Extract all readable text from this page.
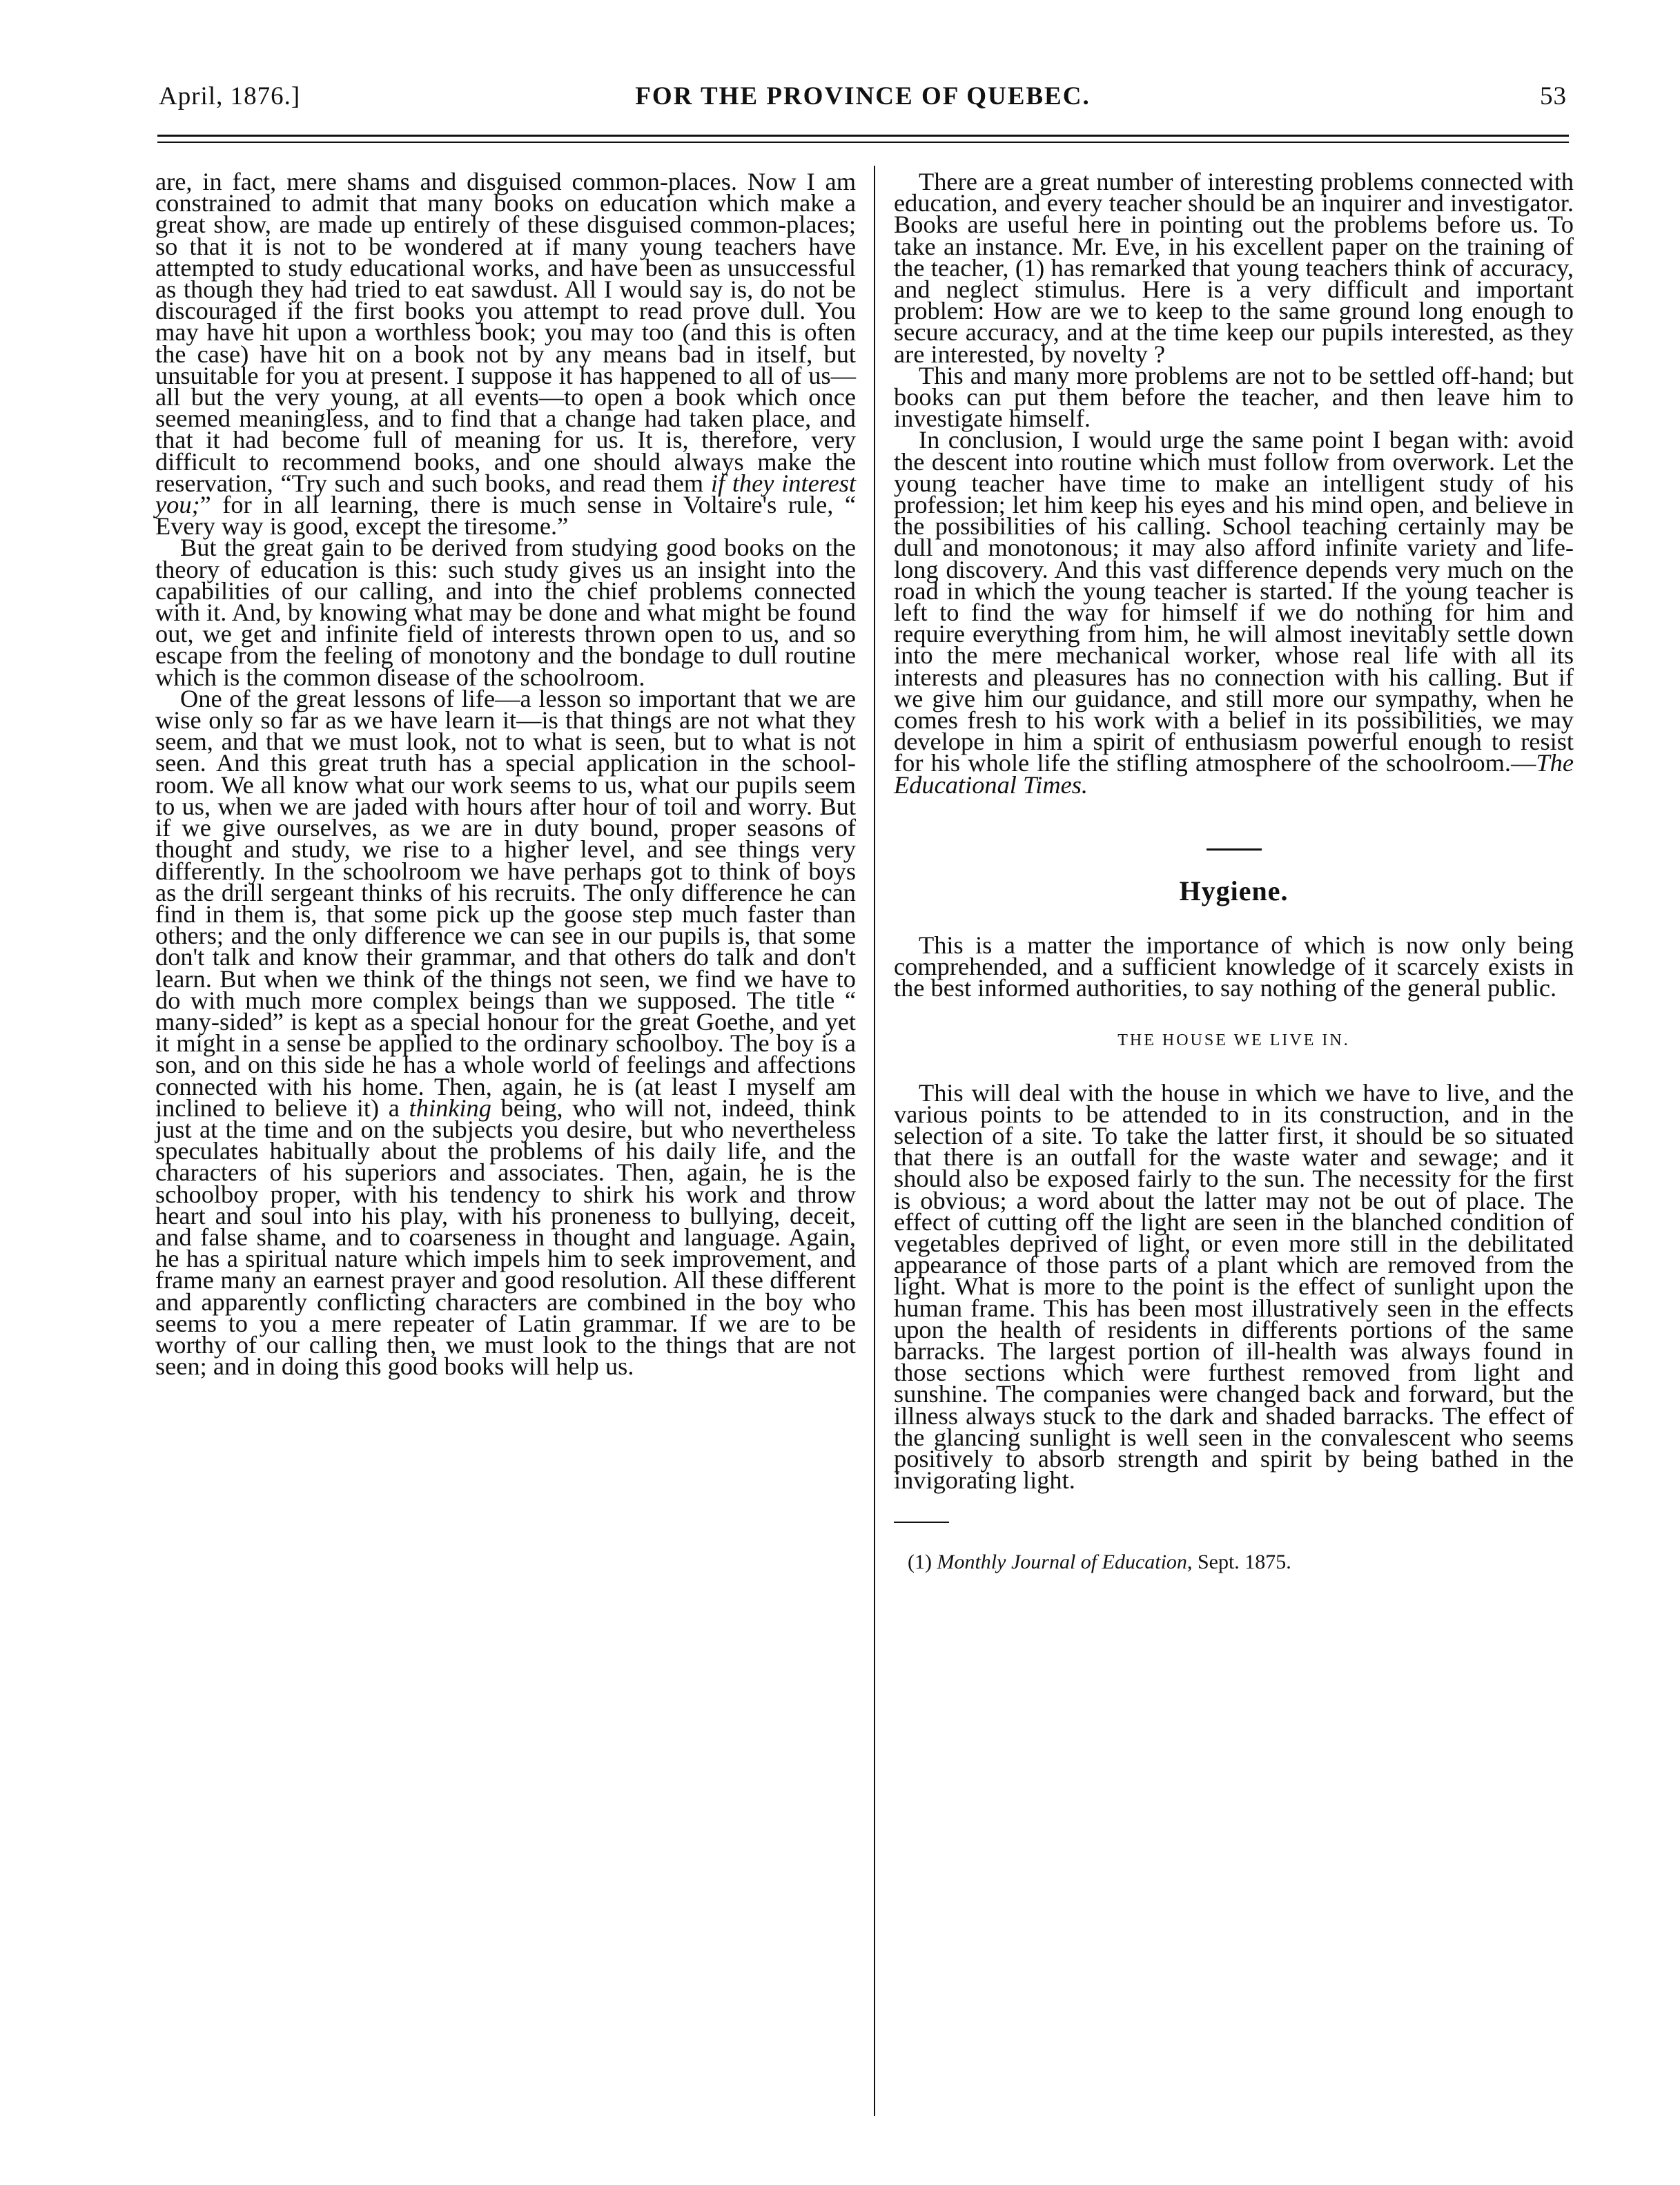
April, 1876.]	FOR THE PROVINCE OF QUEBEC.	53

are, in fact, mere shams and disguised common-places. Now I am constrained to admit that many books on education which make a great show, are made up entirely of these disguised common-places; so that it is not to be wondered at if many young teachers have attempted to study educational works, and have been as unsuccessful as though they had tried to eat sawdust. All I would say is, do not be discouraged if the first books you attempt to read prove dull. You may have hit upon a worthless book; you may too (and this is often the case) have hit on a book not by any means bad in itself, but unsuitable for you at present. I suppose it has happened to all of us—all but the very young, at all events—to open a book which once seemed meaningless, and to find that a change had taken place, and that it had become full of meaning for us. It is, therefore, very difficult to recommend books, and one should always make the reservation, “Try such and such books, and read them if they interest you;” for in all learning, there is much sense in Voltaire's rule, “ Every way is good, except the tiresome.”

But the great gain to be derived from studying good books on the theory of education is this: such study gives us an insight into the capabilities of our calling, and into the chief problems connected with it. And, by knowing what may be done and what might be found out, we get and infinite field of interests thrown open to us, and so escape from the feeling of monotony and the bondage to dull routine which is the common disease of the schoolroom.

One of the great lessons of life—a lesson so important that we are wise only so far as we have learn it—is that things are not what they seem, and that we must look, not to what is seen, but to what is not seen. And this great truth has a special application in the school-room. We all know what our work seems to us, what our pupils seem to us, when we are jaded with hours after hour of toil and worry. But if we give ourselves, as we are in duty bound, proper seasons of thought and study, we rise to a higher level, and see things very differently. In the schoolroom we have perhaps got to think of boys as the drill sergeant thinks of his recruits. The only difference he can find in them is, that some pick up the goose step much faster than others; and the only difference we can see in our pupils is, that some don't talk and know their grammar, and that others do talk and don't learn. But when we think of the things not seen, we find we have to do with much more complex beings than we supposed. The title “ many-sided” is kept as a special honour for the great Goethe, and yet it might in a sense be applied to the ordinary schoolboy. The boy is a son, and on this side he has a whole world of feelings and affections connected with his home. Then, again, he is (at least I myself am inclined to believe it) a thinking being, who will not, indeed, think just at the time and on the subjects you desire, but who nevertheless speculates habitually about the problems of his daily life, and the characters of his superiors and associates. Then, again, he is the schoolboy proper, with his tendency to shirk his work and throw heart and soul into his play, with his proneness to bullying, deceit, and false shame, and to coarseness in thought and language. Again, he has a spiritual nature which impels him to seek improvement, and frame many an earnest prayer and good resolution. All these different and apparently conflicting characters are combined in the boy who seems to you a mere repeater of Latin grammar. If we are to be worthy of our calling then, we must look to the things that are not seen; and in doing this good books will help us.

There are a great number of interesting problems connected with education, and every teacher should be an inquirer and investigator. Books are useful here in pointing out the problems before us. To take an instance. Mr. Eve, in his excellent paper on the training of the teacher, (1) has remarked that young teachers think of accuracy, and neglect stimulus. Here is a very difficult and important problem: How are we to keep to the same ground long enough to secure accuracy, and at the time keep our pupils interested, as they are interested, by novelty ?

This and many more problems are not to be settled off-hand; but books can put them before the teacher, and then leave him to investigate himself.

In conclusion, I would urge the same point I began with: avoid the descent into routine which must follow from overwork. Let the young teacher have time to make an intelligent study of his profession; let him keep his eyes and his mind open, and believe in the possibilities of his calling. School teaching certainly may be dull and monotonous; it may also afford infinite variety and life-long discovery. And this vast difference depends very much on the road in which the young teacher is started. If the young teacher is left to find the way for himself if we do nothing for him and require everything from him, he will almost inevitably settle down into the mere mechanical worker, whose real life with all its interests and pleasures has no connection with his calling. But if we give him our guidance, and still more our sympathy, when he comes fresh to his work with a belief in its possibilities, we may develope in him a spirit of enthusiasm powerful enough to resist for his whole life the stifling atmosphere of the schoolroom.—The Educational Times.

Hygiene.

This is a matter the importance of which is now only being comprehended, and a sufficient knowledge of it scarcely exists in the best informed authorities, to say nothing of the general public.

THE HOUSE WE LIVE IN.

This will deal with the house in which we have to live, and the various points to be attended to in its construction, and in the selection of a site. To take the latter first, it should be so situated that there is an outfall for the waste water and sewage; and it should also be exposed fairly to the sun. The necessity for the first is obvious; a word about the latter may not be out of place. The effect of cutting off the light are seen in the blanched condition of vegetables deprived of light, or even more still in the debilitated appearance of those parts of a plant which are removed from the light. What is more to the point is the effect of sunlight upon the human frame. This has been most illustratively seen in the effects upon the health of residents in differents portions of the same barracks. The largest portion of ill-health was always found in those sections which were furthest removed from light and sunshine. The companies were changed back and forward, but the illness always stuck to the dark and shaded barracks. The effect of the glancing sunlight is well seen in the convalescent who seems positively to absorb strength and spirit by being bathed in the invigorating light.

(1) Monthly Journal of Education, Sept. 1875.
